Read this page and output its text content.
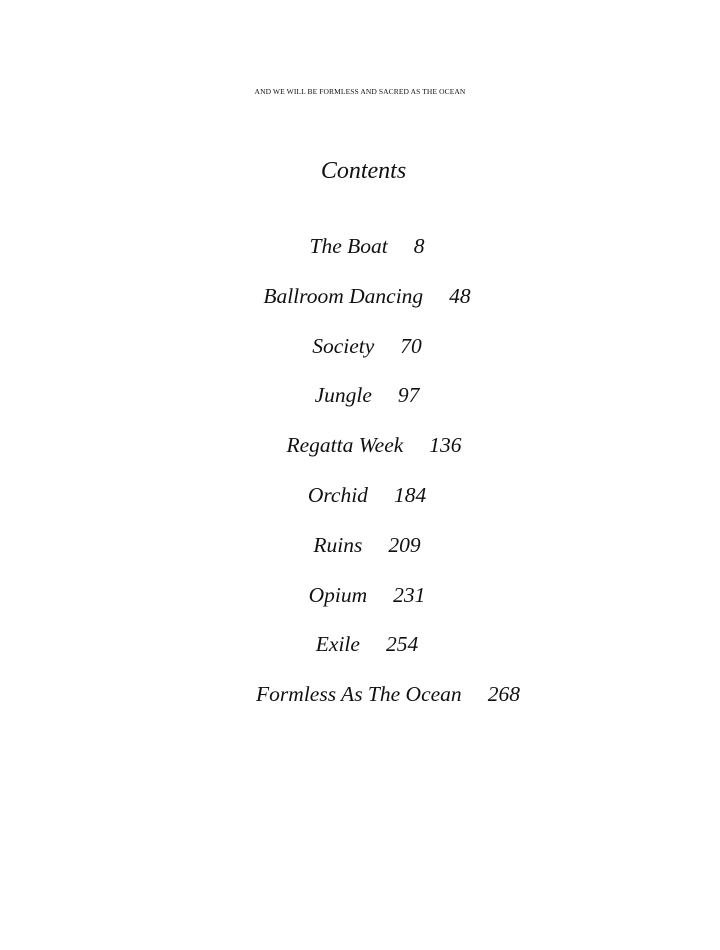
AND WE WILL BE FORMLESS AND SACRED AS THE OCEAN
Contents
The Boat 8
Ballroom Dancing 48
Society 70
Jungle 97
Regatta Week 136
Orchid 184
Ruins 209
Opium 231
Exile 254
Formless As The Ocean 268
